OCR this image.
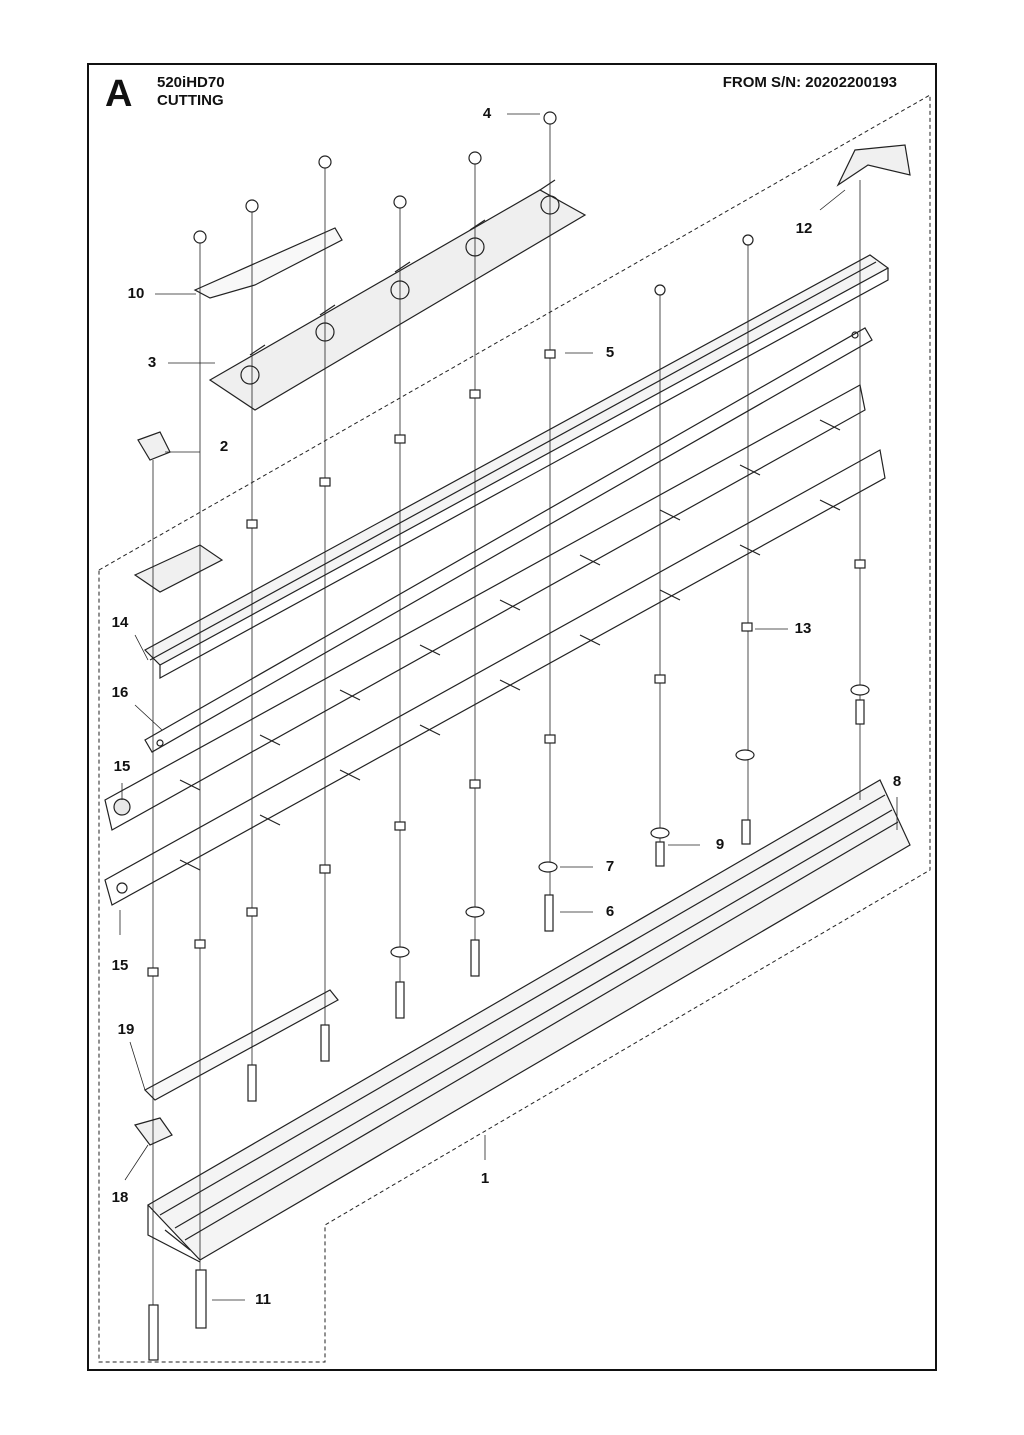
A 520iHD70
CUTTING
FROM S/N: 20202200193
4
5
6
7
8
9
12
13
10
3
2
14
16
15
15
19
18
1
11
